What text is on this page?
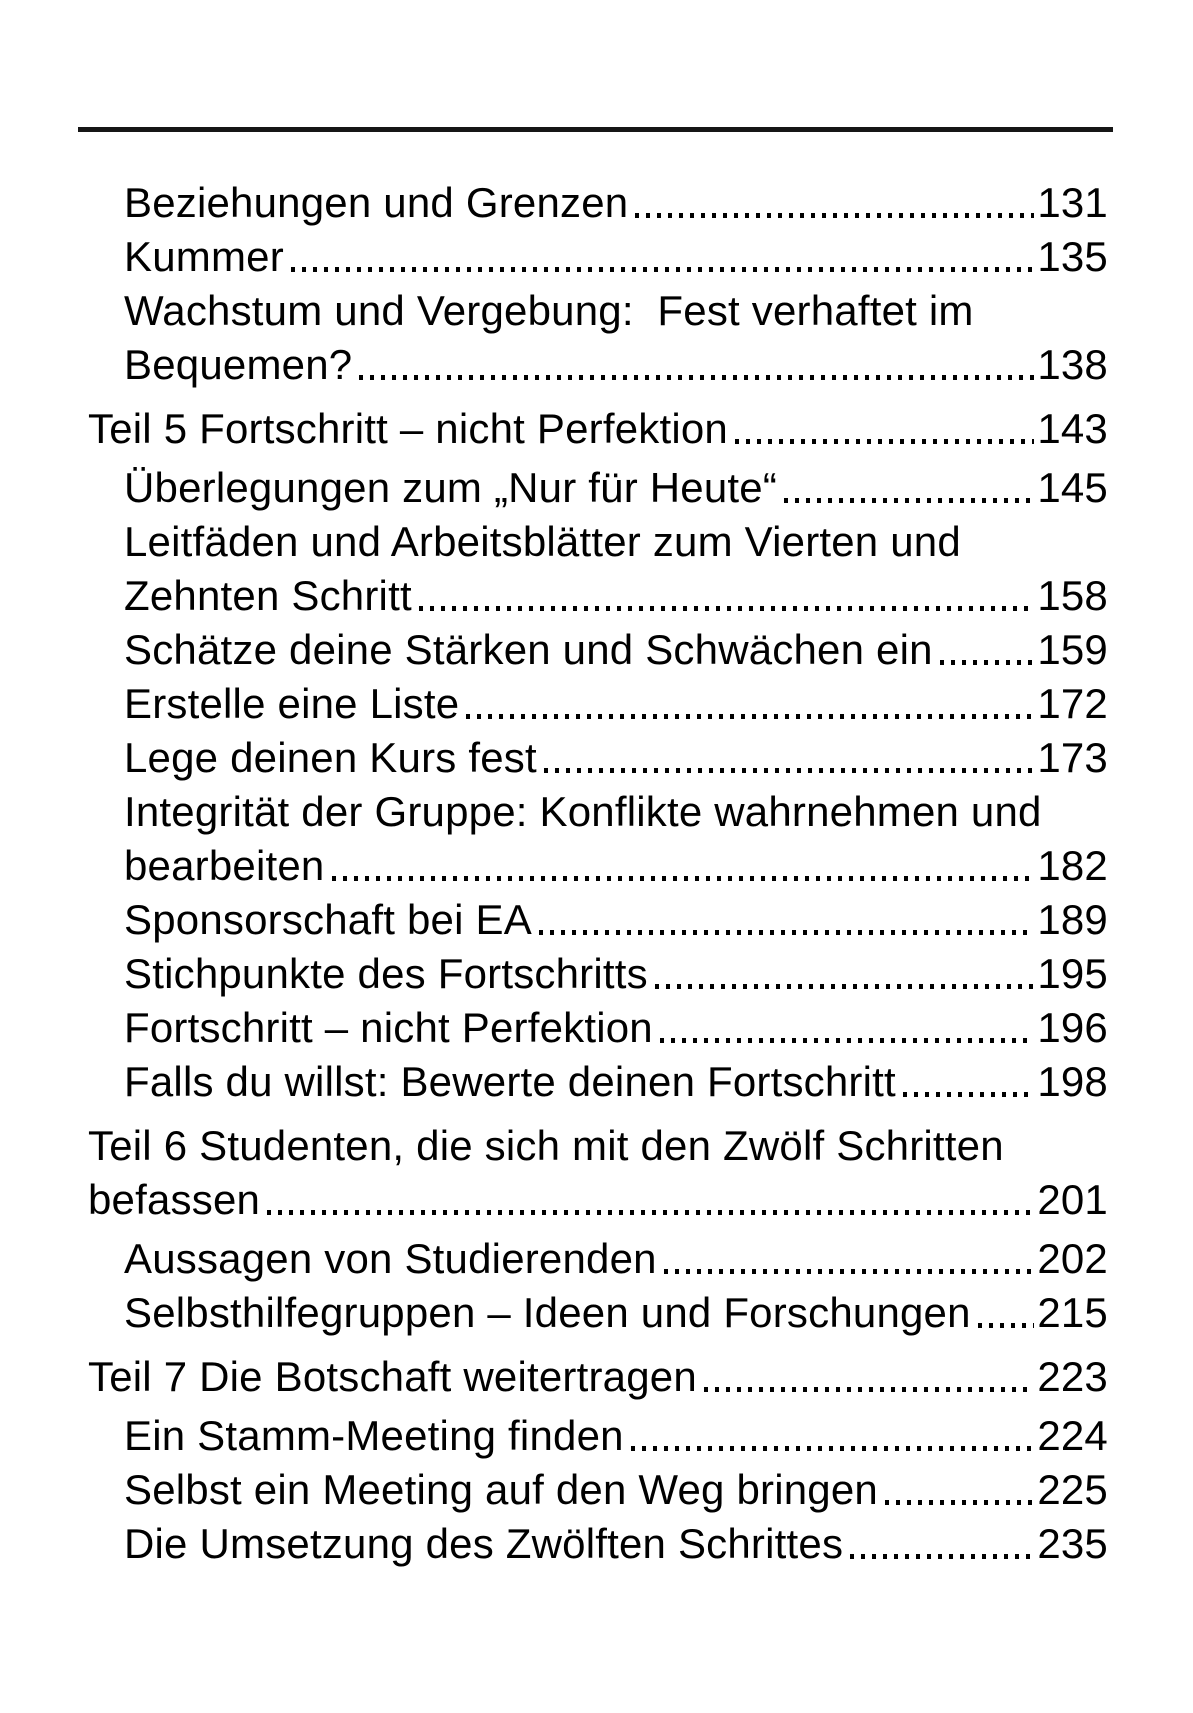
Beziehungen und Grenzen	131
Kummer	135
Wachstum und Vergebung:  Fest verhaftet im
Bequemen?	138
Teil 5 Fortschritt – nicht Perfektion	143
Überlegungen zum „Nur für Heute“	145
Leitfäden und Arbeitsblätter zum Vierten und
Zehnten Schritt	158
Schätze deine Stärken und Schwächen ein 159
Erstelle eine Liste	172
Lege deinen Kurs fest	173
Integrität der Gruppe: Konflikte wahrnehmen und
bearbeiten	182
Sponsorschaft bei EA	189
Stichpunkte des Fortschritts	195
Fortschritt – nicht Perfektion	196
Falls du willst: Bewerte deinen Fortschritt	198
Teil 6 Studenten, die sich mit den Zwölf Schritten
befassen	201
Aussagen von Studierenden	202
Selbsthilfegruppen – Ideen und Forschungen 215
Teil 7 Die Botschaft weitertragen	223
Ein Stamm-Meeting finden	224
Selbst ein Meeting auf den Weg bringen	225
Die Umsetzung des Zwölften Schrittes	235
